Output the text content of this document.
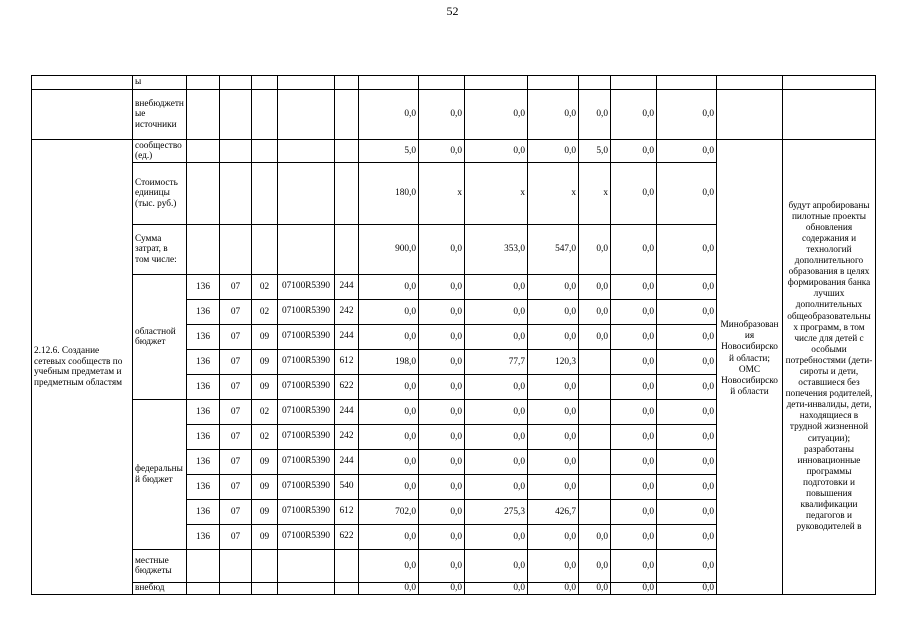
52
	ы														
	внебюджетные источники						0,0	0,0	0,0	0,0	0,0	0,0	0,0		
2.12.6. Создание сетевых сообществ по учебным предметам и предметным областям	сообщество (ед.)						5,0	0,0	0,0	0,0	5,0	0,0	0,0	Минобразования Новосибирской области; ОМС Новосибирской области	будут апробированы пилотные проекты обновления содержания и технологий дополнительного образования в целях формирования банка лучших дополнительных общеобразовательных программ, в том числе для детей с особыми потребностями (дети-сироты и дети, оставшиеся без попечения родителей, дети-инвалиды, дети, находящиеся в трудной жизненной ситуации); разработаны инновационные программы подготовки и повышения квалификации педагогов и руководителей в
	Стоимость единицы (тыс. руб.)						180,0	x	x	x	x	0,0	0,0		
	Сумма затрат, в том числе:						900,0	0,0	353,0	547,0	0,0	0,0	0,0		
	областной бюджет	136	07	02	07100R5390	244	0,0	0,0	0,0	0,0	0,0	0,0	0,0		
		136	07	02	07100R5390	242	0,0	0,0	0,0	0,0	0,0	0,0	0,0		
		136	07	09	07100R5390	244	0,0	0,0	0,0	0,0	0,0	0,0	0,0		
		136	07	09	07100R5390	612	198,0	0,0	77,7	120,3		0,0	0,0		
		136	07	09	07100R5390	622	0,0	0,0	0,0	0,0		0,0	0,0		
	федеральный бюджет	136	07	02	07100R5390	244	0,0	0,0	0,0	0,0		0,0	0,0		
		136	07	02	07100R5390	242	0,0	0,0	0,0	0,0		0,0	0,0		
		136	07	09	07100R5390	244	0,0	0,0	0,0	0,0		0,0	0,0		
		136	07	09	07100R5390	540	0,0	0,0	0,0	0,0		0,0	0,0		
		136	07	09	07100R5390	612	702,0	0,0	275,3	426,7		0,0	0,0		
		136	07	09	07100R5390	622	0,0	0,0	0,0	0,0	0,0	0,0	0,0		
	местные бюджеты						0,0	0,0	0,0	0,0	0,0	0,0	0,0		
	внебюд						0,0	0,0	0,0	0,0	0,0	0,0	0,0		
